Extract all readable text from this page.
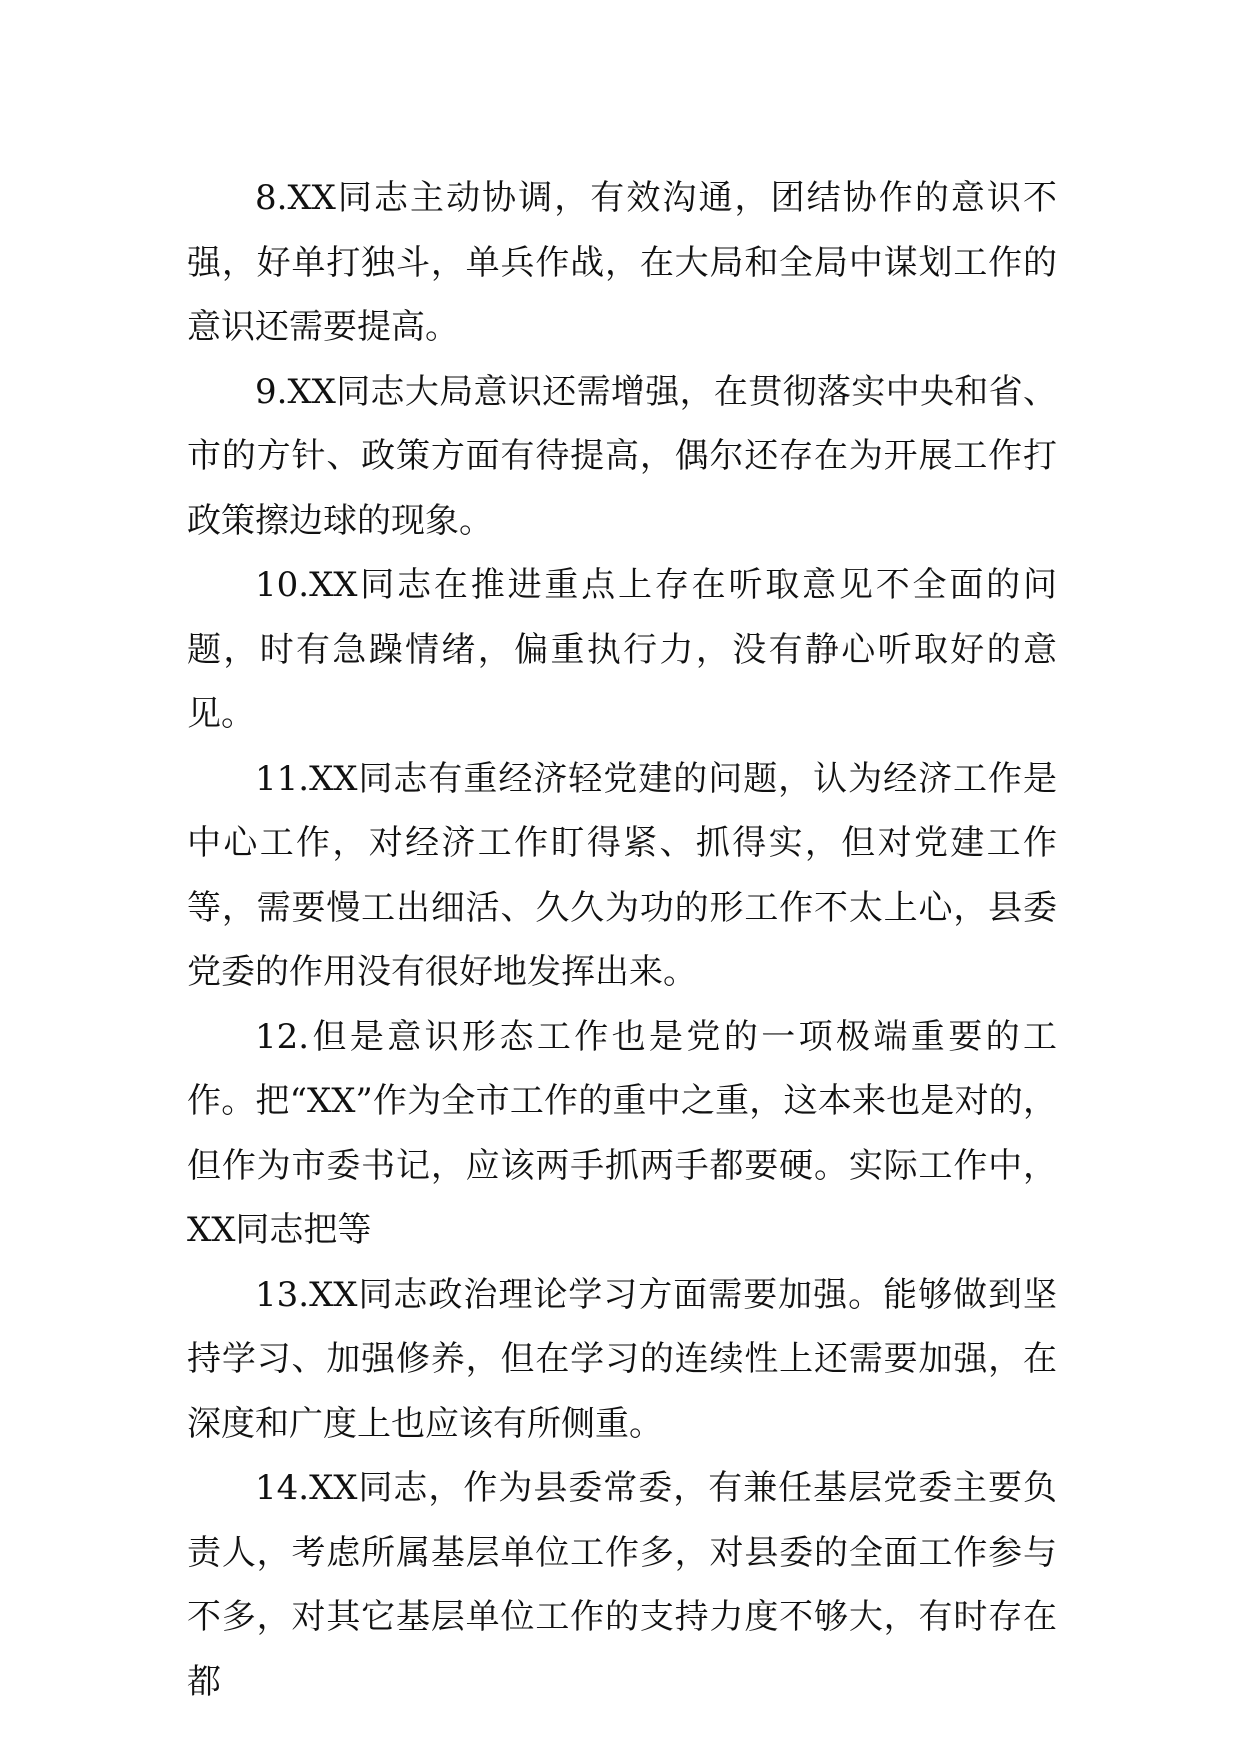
8.XX同志主动协调，有效沟通，团结协作的意识不强，好单打独斗，单兵作战，在大局和全局中谋划工作的意识还需要提高。

9.XX同志大局意识还需增强，在贯彻落实中央和省、市的方针、政策方面有待提高，偶尔还存在为开展工作打政策擦边球的现象。

10.XX同志在推进重点上存在听取意见不全面的问题，时有急躁情绪，偏重执行力，没有静心听取好的意见。

11.XX同志有重经济轻党建的问题，认为经济工作是中心工作，对经济工作盯得紧、抓得实，但对党建工作等，需要慢工出细活、久久为功的形工作不太上心，县委党委的作用没有很好地发挥出来。

12.但是意识形态工作也是党的一项极端重要的工作。把“XX”作为全市工作的重中之重，这本来也是对的，但作为市委书记，应该两手抓两手都要硬。实际工作中，XX同志把等

13.XX同志政治理论学习方面需要加强。能够做到坚持学习、加强修养，但在学习的连续性上还需要加强，在深度和广度上也应该有所侧重。

14.XX同志，作为县委常委，有兼任基层党委主要负责人，考虑所属基层单位工作多，对县委的全面工作参与不多，对其它基层单位工作的支持力度不够大，有时存在都
